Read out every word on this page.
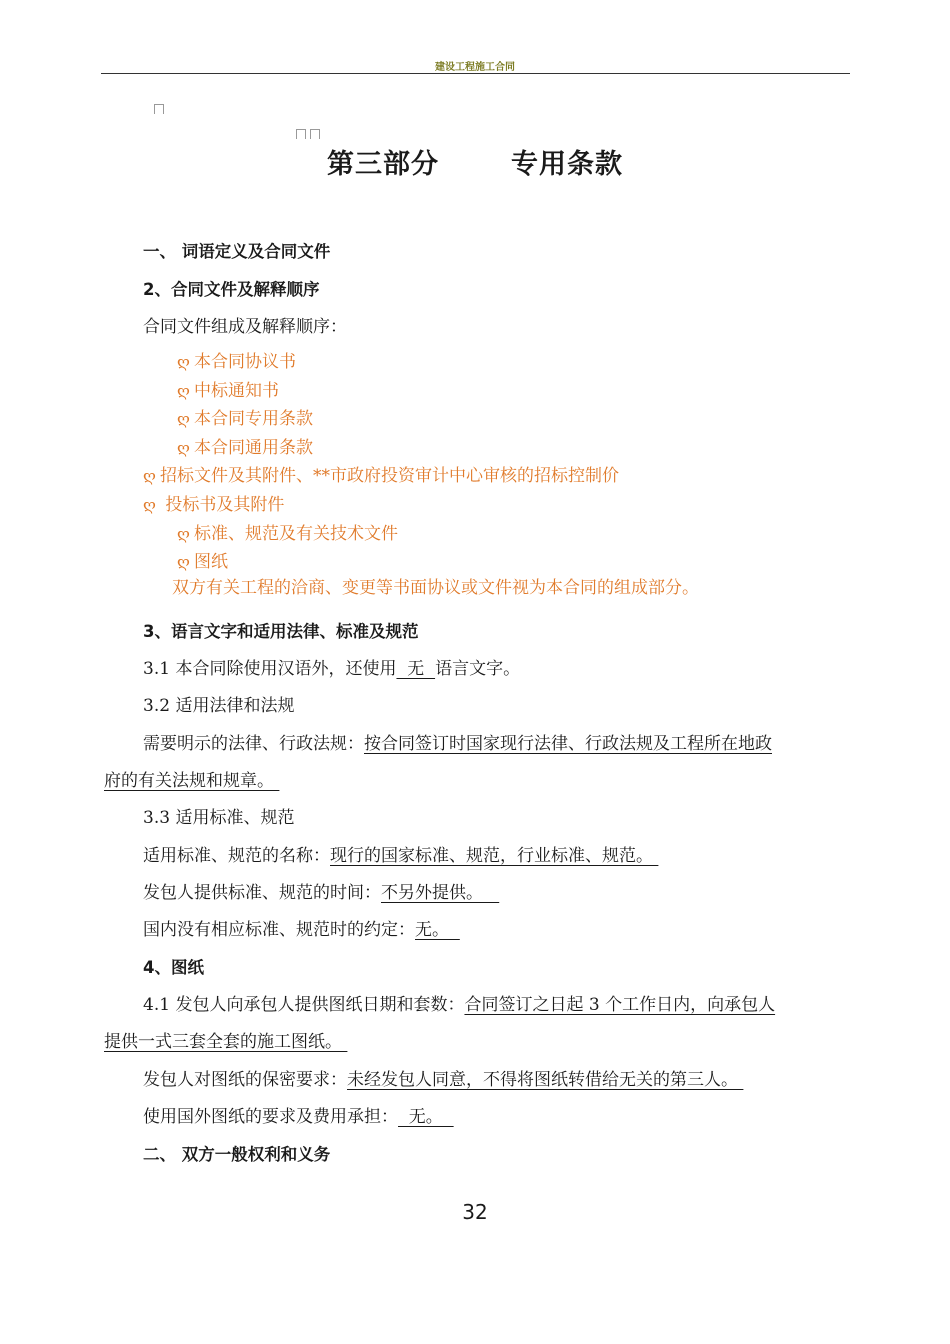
建设工程施工合同
第三部分	专用条款
一、 词语定义及合同文件
2、合同文件及解释顺序
合同文件组成及解释顺序：
ღ 本合同协议书
ღ 中标通知书
ღ 本合同专用条款
ღ 本合同通用条款
ღ 招标文件及其附件、**市政府投资审计中心审核的招标控制价
ღ 投标书及其附件
ღ 标准、规范及有关技术文件
ღ 图纸
双方有关工程的洽商、变更等书面协议或文件视为本合同的组成部分。
3、语言文字和适用法律、标准及规范
3.1 本合同除使用汉语外，还使用  无  语言文字。
3.2 适用法律和法规
需要明示的法律、行政法规：按合同签订时国家现行法律、行政法规及工程所在地政
府的有关法规和规章。
3.3 适用标准、规范
适用标准、规范的名称：现行的国家标准、规范，行业标准、规范。
发包人提供标准、规范的时间：不另外提供。
国内没有相应标准、规范时的约定：无。
4、图纸
4.1 发包人向承包人提供图纸日期和套数：合同签订之日起 3 个工作日内，向承包人
提供一式三套全套的施工图纸。
发包人对图纸的保密要求：未经发包人同意，不得将图纸转借给无关的第三人。
使用国外图纸的要求及费用承担：  无。
二、 双方一般权利和义务
32
